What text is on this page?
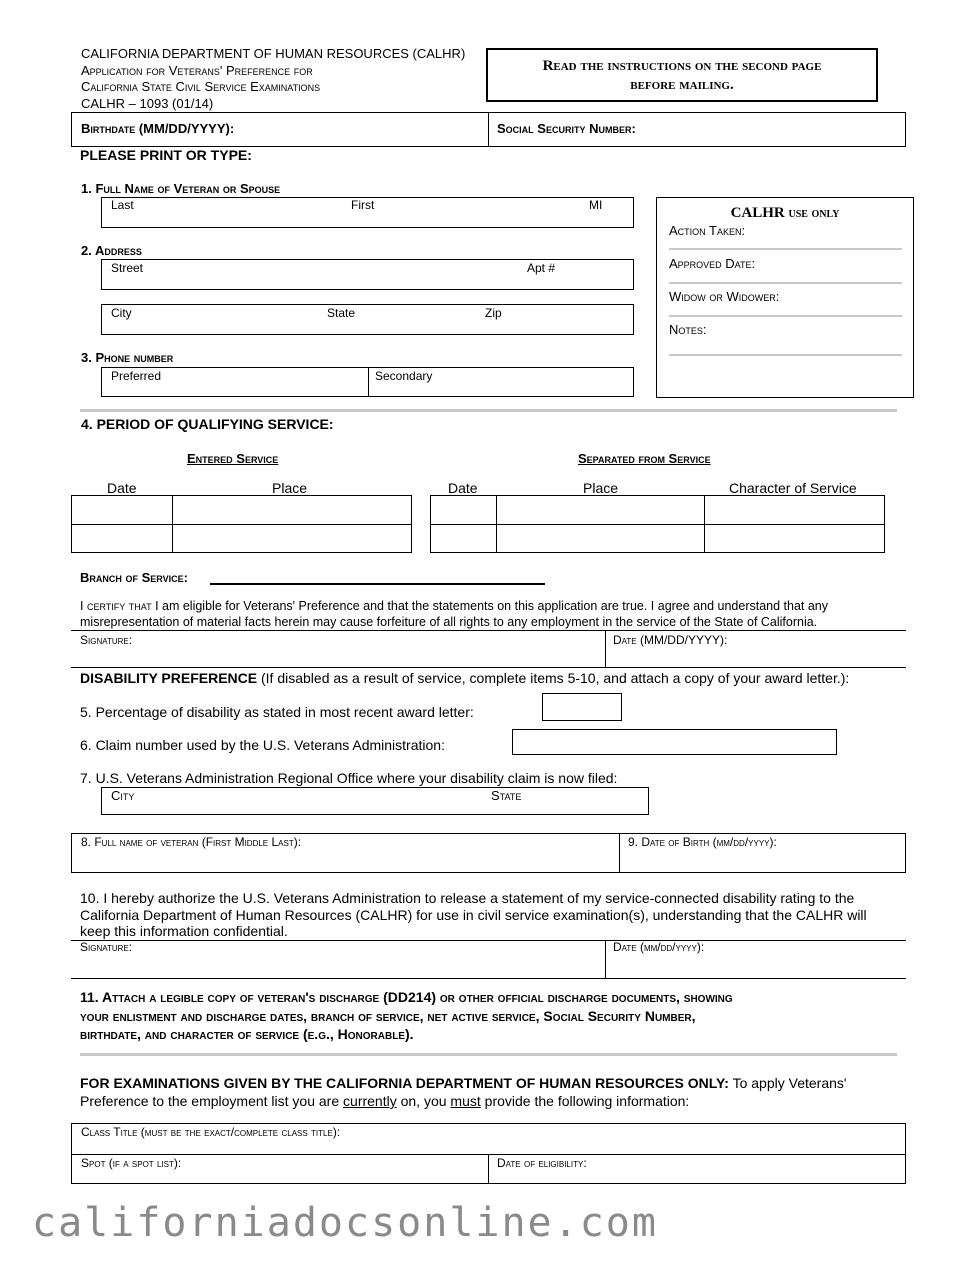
CALIFORNIA DEPARTMENT OF HUMAN RESOURCES (CALHR)
Application for Veterans' Preference for
California State Civil Service Examinations
CALHR – 1093 (01/14)
Read the instructions on the second page
before mailing.
Birthdate (MM/DD/YYYY):	Social Security Number:
PLEASE PRINT OR TYPE:
1. Full Name of Veteran or Spouse
Last	First	MI
2. Address
Street	Apt #
City	State	Zip
3. Phone number
Preferred	Secondary
CALHR use only
Action Taken:
Approved Date:
Widow or Widower:
Notes:
4. PERIOD OF QUALIFYING SERVICE:
Entered Service	Separated from Service
Date	Place	Date	Place	Character of Service
Branch of Service:
I certify that I am eligible for Veterans' Preference and that the statements on this application are true. I agree and understand that any
misrepresentation of material facts herein may cause forfeiture of all rights to any employment in the service of the State of California.
Signature:	Date (MM/DD/YYYY):
DISABILITY PREFERENCE (If disabled as a result of service, complete items 5-10, and attach a copy of your award letter.):
5. Percentage of disability as stated in most recent award letter:
6. Claim number used by the U.S. Veterans Administration:
7. U.S. Veterans Administration Regional Office where your disability claim is now filed:
City	State
8. Full name of veteran (First Middle Last):	9. Date of Birth (mm/dd/yyyy):
10. I hereby authorize the U.S. Veterans Administration to release a statement of my service-connected disability rating to the
California Department of Human Resources (CALHR) for use in civil service examination(s), understanding that the CALHR will
keep this information confidential.
Signature:	Date (mm/dd/yyyy):
11. Attach a legible copy of veteran's discharge (DD214) or other official discharge documents, showing
your enlistment and discharge dates, branch of service, net active service, Social Security Number,
birthdate, and character of service (e.g., Honorable).
FOR EXAMINATIONS GIVEN BY THE CALIFORNIA DEPARTMENT OF HUMAN RESOURCES ONLY: To apply Veterans'
Preference to the employment list you are currently on, you must provide the following information:
Class Title (must be the exact/complete class title):
Spot (if a spot list):	Date of eligibility:
californiadocsonline.com
